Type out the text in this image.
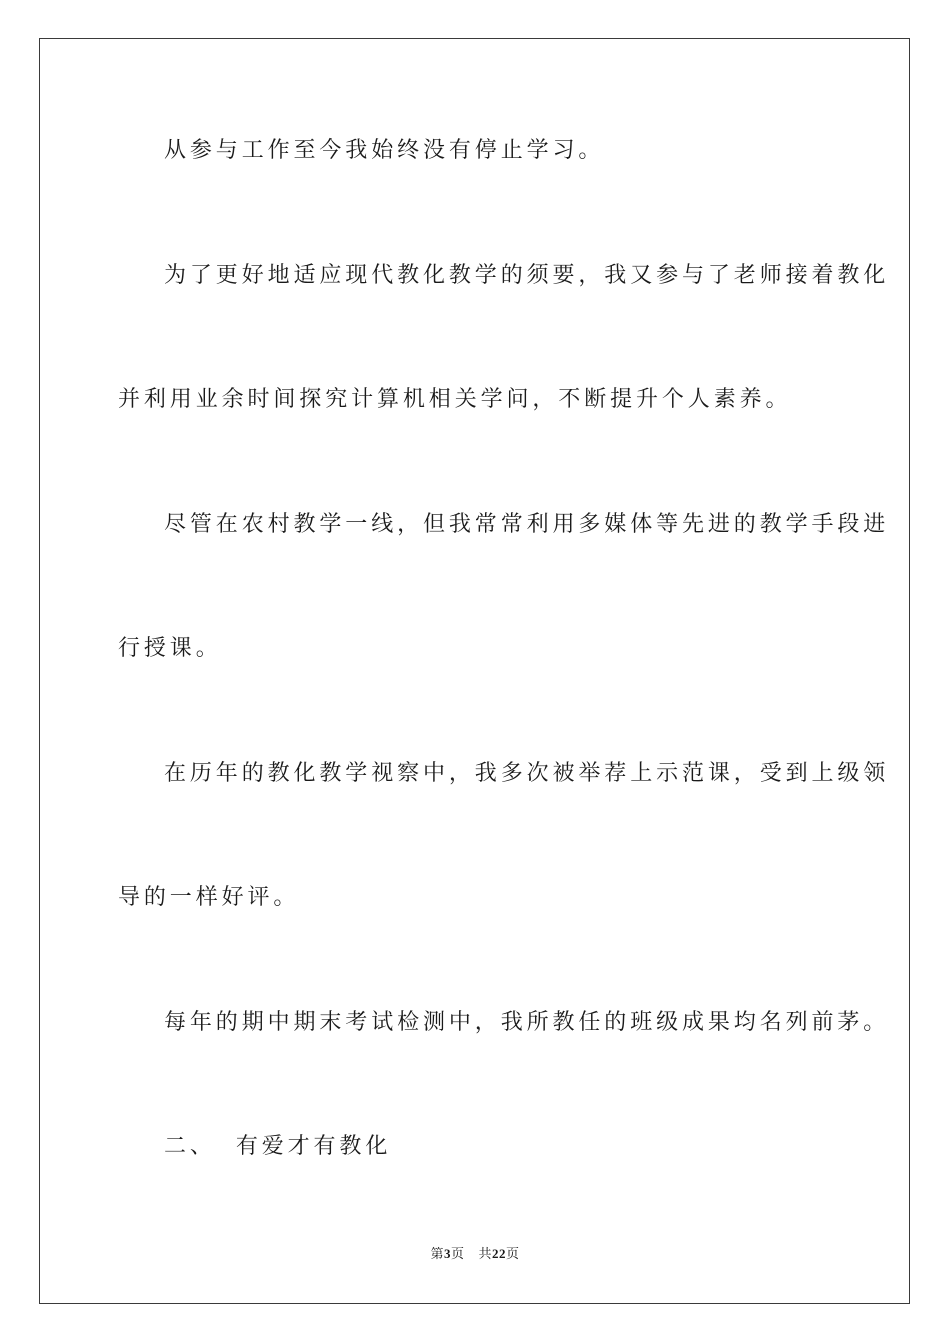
从参与工作至今我始终没有停止学习。
为了更好地适应现代教化教学的须要，我又参与了老师接着教化
并利用业余时间探究计算机相关学问，不断提升个人素养。
尽管在农村教学一线，但我常常利用多媒体等先进的教学手段进
行授课。
在历年的教化教学视察中，我多次被举荐上示范课，受到上级领
导的一样好评。
每年的期中期末考试检测中，我所教任的班级成果均名列前茅。
二、 有爱才有教化
第3页 共22页
